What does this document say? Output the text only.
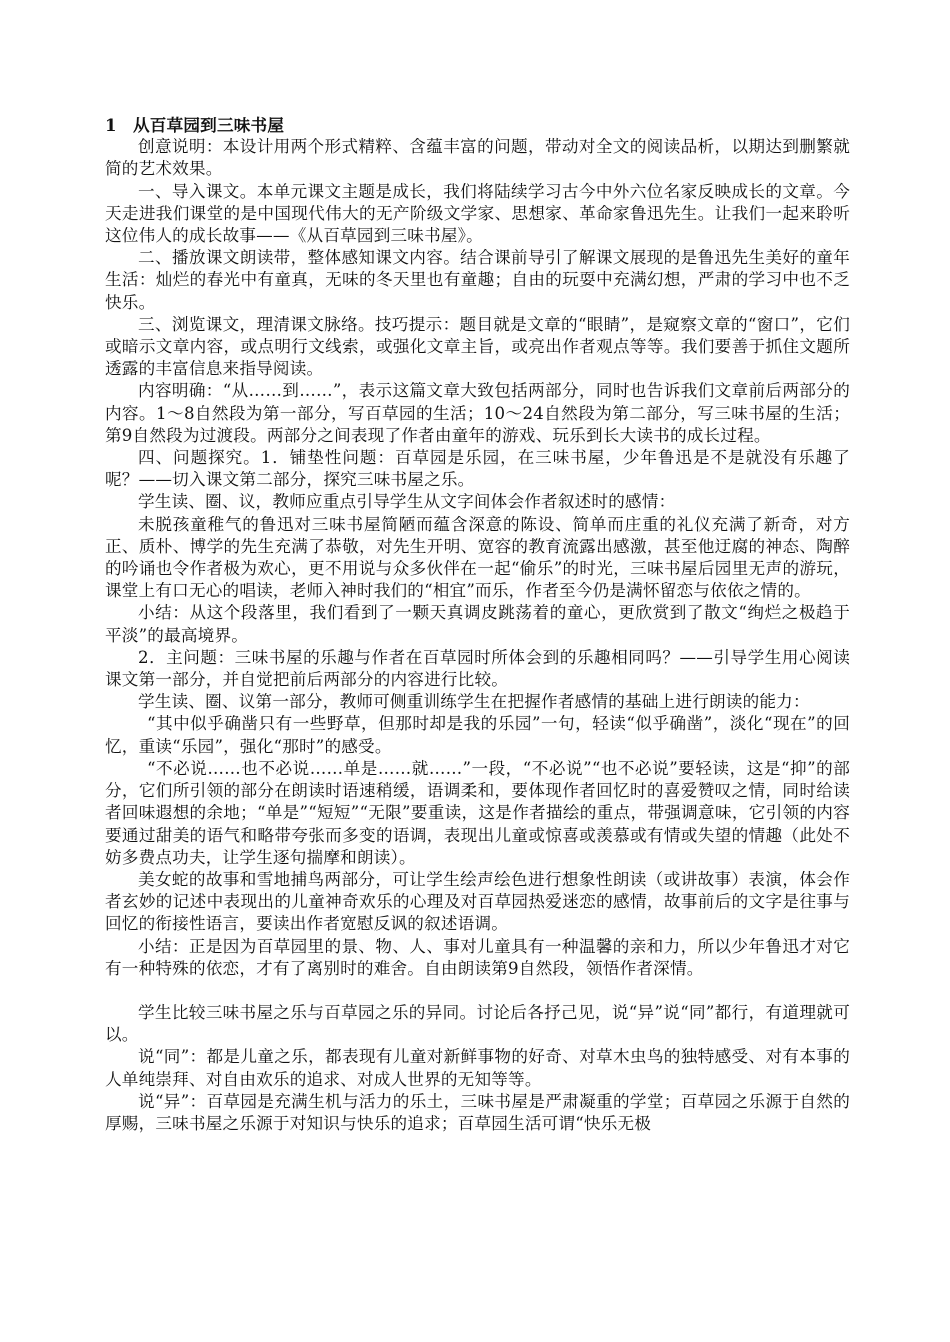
1 从百草园到三味书屋

创意说明：本设计用两个形式精粹、含蕴丰富的问题，带动对全文的阅读品析，以期达到删繁就简的艺术效果。

一、导入课文。本单元课文主题是成长，我们将陆续学习古今中外六位名家反映成长的文章。今天走进我们课堂的是中国现代伟大的无产阶级文学家、思想家、革命家鲁迅先生。让我们一起来聆听这位伟人的成长故事——《从百草园到三味书屋》。

二、播放课文朗读带，整体感知课文内容。结合课前导引了解课文展现的是鲁迅先生美好的童年生活：灿烂的春光中有童真，无味的冬天里也有童趣；自由的玩耍中充满幻想，严肃的学习中也不乏快乐。

三、浏览课文，理清课文脉络。技巧提示：题目就是文章的“眼睛”，是窥察文章的“窗口”，它们或暗示文章内容，或点明行文线索，或强化文章主旨，或亮出作者观点等等。我们要善于抓住文题所透露的丰富信息来指导阅读。

内容明确：“从……到……”，表示这篇文章大致包括两部分，同时也告诉我们文章前后两部分的内容。1～8自然段为第一部分，写百草园的生活；10～24自然段为第二部分，写三味书屋的生活；第9自然段为过渡段。两部分之间表现了作者由童年的游戏、玩乐到长大读书的成长过程。

四、问题探究。1．铺垫性问题：百草园是乐园，在三味书屋，少年鲁迅是不是就没有乐趣了呢？——切入课文第二部分，探究三味书屋之乐。

学生读、圈、议，教师应重点引导学生从文字间体会作者叙述时的感情：

未脱孩童稚气的鲁迅对三味书屋简陋而蕴含深意的陈设、简单而庄重的礼仪充满了新奇，对方正、质朴、博学的先生充满了恭敬，对先生开明、宽容的教育流露出感激，甚至他迂腐的神态、陶醉的吟诵也令作者极为欢心，更不用说与众多伙伴在一起“偷乐”的时光，三味书屋后园里无声的游玩，课堂上有口无心的唱读，老师入神时我们的“相宜”而乐，作者至今仍是满怀留恋与依依之情的。

小结：从这个段落里，我们看到了一颗天真调皮跳荡着的童心，更欣赏到了散文“绚烂之极趋于平淡”的最高境界。

2．主问题：三味书屋的乐趣与作者在百草园时所体会到的乐趣相同吗？——引导学生用心阅读课文第一部分，并自觉把前后两部分的内容进行比较。

学生读、圈、议第一部分，教师可侧重训练学生在把握作者感情的基础上进行朗读的能力：

“其中似乎确凿只有一些野草，但那时却是我的乐园”一句，轻读“似乎确凿”，淡化“现在”的回忆，重读“乐园”，强化“那时”的感受。

“不必说……也不必说……单是……就……”一段，“不必说”“也不必说”要轻读，这是“抑”的部分，它们所引领的部分在朗读时语速稍缓，语调柔和，要体现作者回忆时的喜爱赞叹之情，同时给读者回味遐想的余地；“单是”“短短”“无限”要重读，这是作者描绘的重点，带强调意味，它引领的内容要通过甜美的语气和略带夸张而多变的语调，表现出儿童或惊喜或羡慕或有情或失望的情趣（此处不妨多费点功夫，让学生逐句揣摩和朗读）。

美女蛇的故事和雪地捕鸟两部分，可让学生绘声绘色进行想象性朗读（或讲故事）表演，体会作者玄妙的记述中表现出的儿童神奇欢乐的心理及对百草园热爱迷恋的感情，故事前后的文字是往事与回忆的衔接性语言，要读出作者宽慰反讽的叙述语调。

小结：正是因为百草园里的景、物、人、事对儿童具有一种温馨的亲和力，所以少年鲁迅才对它有一种特殊的依恋，才有了离别时的难舍。自由朗读第9自然段，领悟作者深情。

学生比较三味书屋之乐与百草园之乐的异同。讨论后各抒己见，说“异”说“同”都行，有道理就可以。

说“同”：都是儿童之乐，都表现有儿童对新鲜事物的好奇、对草木虫鸟的独特感受、对有本事的人单纯崇拜、对自由欢乐的追求、对成人世界的无知等等。

说“异”：百草园是充满生机与活力的乐土，三味书屋是严肃凝重的学堂；百草园之乐源于自然的厚赐，三味书屋之乐源于对知识与快乐的追求；百草园生活可谓“快乐无极
